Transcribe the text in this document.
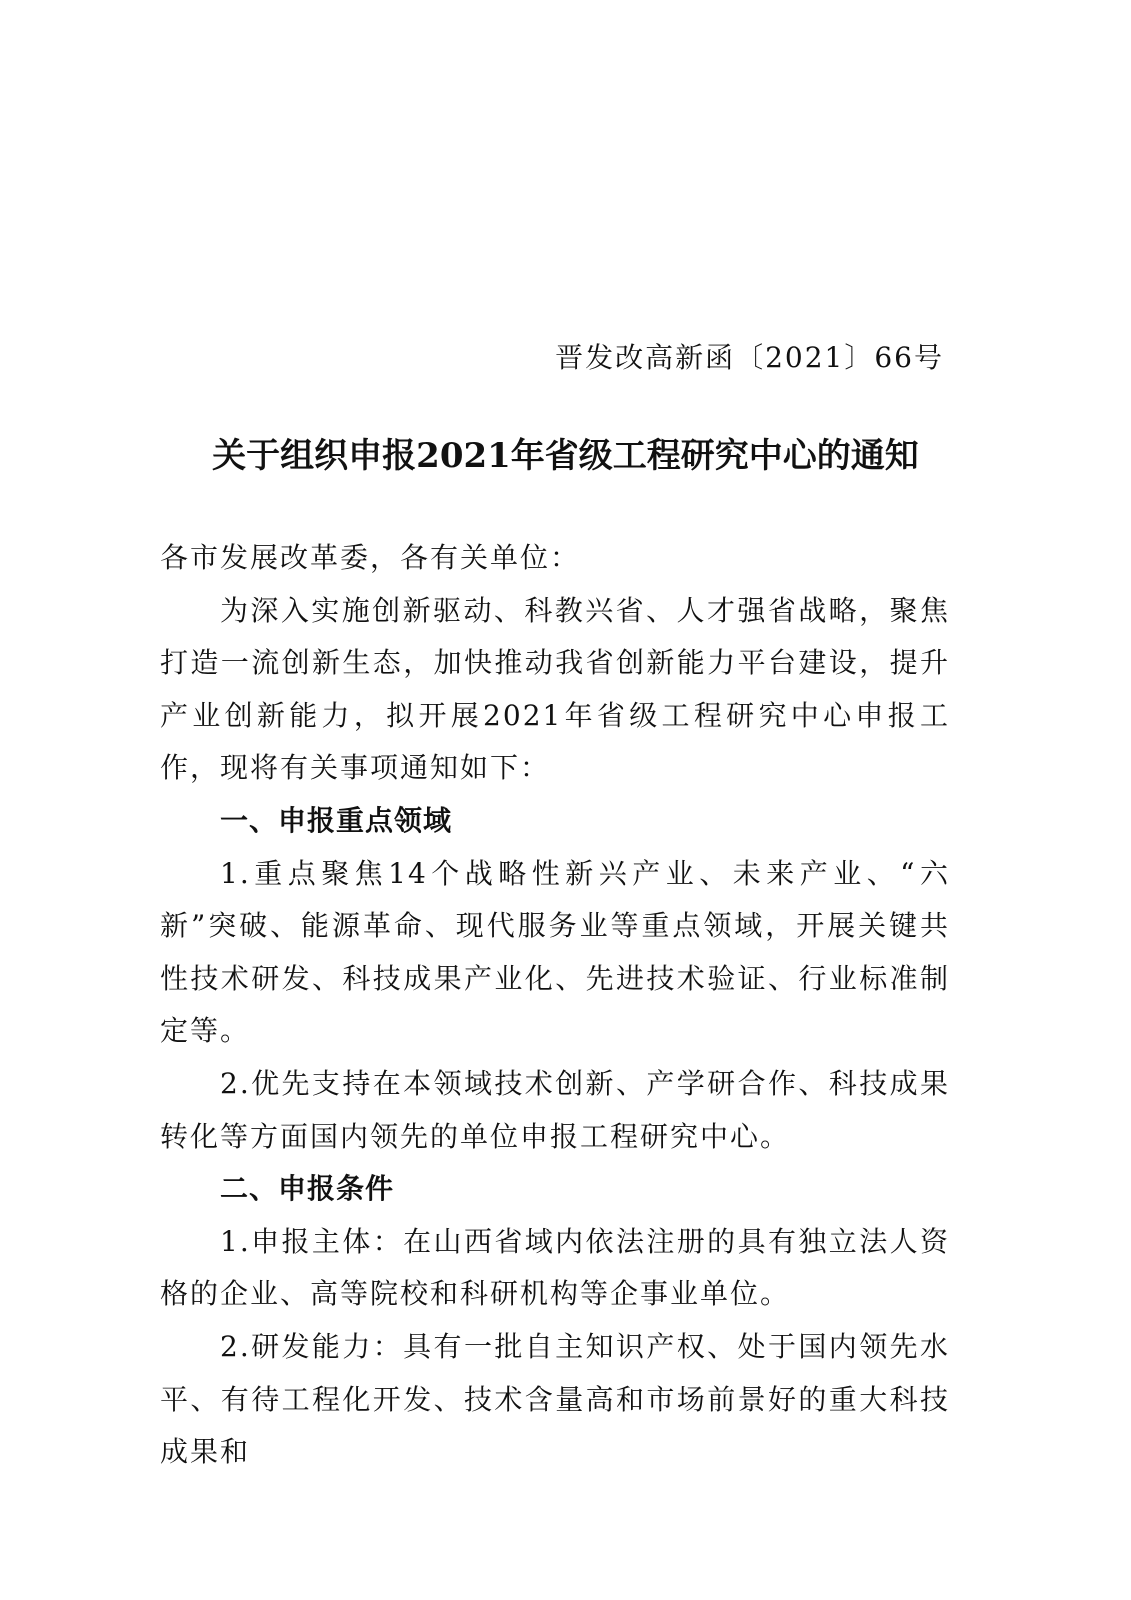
晋发改高新函〔2021〕66号
关于组织申报2021年省级工程研究中心的通知

各市发展改革委，各有关单位：

为深入实施创新驱动、科教兴省、人才强省战略，聚焦打造一流创新生态，加快推动我省创新能力平台建设，提升产业创新能力，拟开展2021年省级工程研究中心申报工作，现将有关事项通知如下：

一、申报重点领域

1.重点聚焦14个战略性新兴产业、未来产业、“六新”突破、能源革命、现代服务业等重点领域，开展关键共性技术研发、科技成果产业化、先进技术验证、行业标准制定等。

2.优先支持在本领域技术创新、产学研合作、科技成果转化等方面国内领先的单位申报工程研究中心。

二、申报条件

1.申报主体：在山西省域内依法注册的具有独立法人资格的企业、高等院校和科研机构等企事业单位。

2.研发能力：具有一批自主知识产权、处于国内领先水平、有待工程化开发、技术含量高和市场前景好的重大科技成果和
